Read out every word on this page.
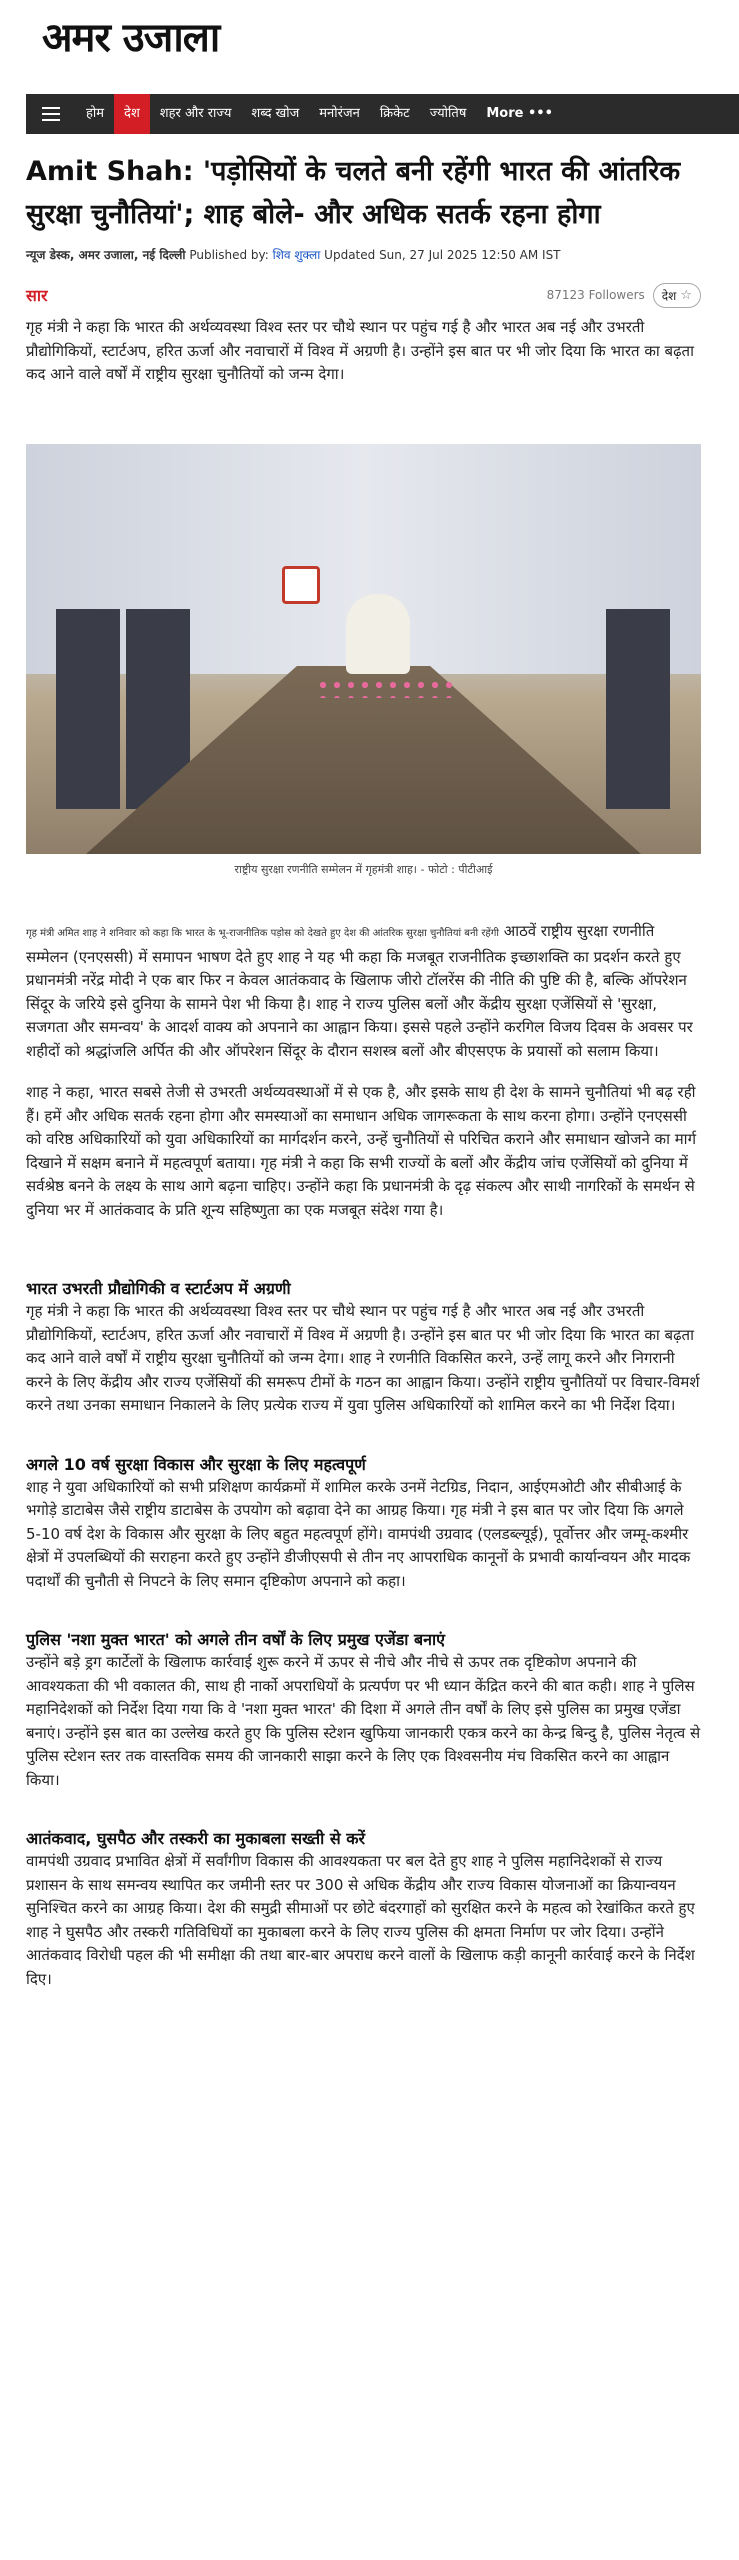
अमर उजाला
होम	देश	शहर और राज्य	शब्द खोज	मनोरंजन	क्रिकेट	ज्योतिष	More •••
Amit Shah: 'पड़ोसियों के चलते बनी रहेंगी भारत की आंतरिक सुरक्षा चुनौतियां'; शाह बोले- और अधिक सतर्क रहना होगा
न्यूज डेस्क, अमर उजाला, नई दिल्ली Published by: शिव शुक्ला Updated Sun, 27 Jul 2025 12:50 AM IST
सार	87123 Followers देश ☆

गृह मंत्री ने कहा कि भारत की अर्थव्यवस्था विश्व स्तर पर चौथे स्थान पर पहुंच गई है और भारत अब नई और उभरती प्रौद्योगिकियों, स्टार्टअप, हरित ऊर्जा और नवाचारों में विश्व में अग्रणी है। उन्होंने इस बात पर भी जोर दिया कि भारत का बढ़ता कद आने वाले वर्षों में राष्ट्रीय सुरक्षा चुनौतियों को जन्म देगा।

राष्ट्रीय सुरक्षा रणनीति सम्मेलन में गृहमंत्री शाह। - फोटो : पीटीआई

गृह मंत्री अमित शाह ने शनिवार को कहा कि भारत के भू-राजनीतिक पड़ोस को देखते हुए देश की आंतरिक सुरक्षा चुनौतियां बनी रहेंगी आठवें राष्ट्रीय सुरक्षा रणनीति सम्मेलन (एनएससी) में समापन भाषण देते हुए शाह ने यह भी कहा कि मजबूत राजनीतिक इच्छाशक्ति का प्रदर्शन करते हुए प्रधानमंत्री नरेंद्र मोदी ने एक बार फिर न केवल आतंकवाद के खिलाफ जीरो टॉलरेंस की नीति की पुष्टि की है, बल्कि ऑपरेशन सिंदूर के जरिये इसे दुनिया के सामने पेश भी किया है। शाह ने राज्य पुलिस बलों और केंद्रीय सुरक्षा एजेंसियों से 'सुरक्षा, सजगता और समन्वय' के आदर्श वाक्य को अपनाने का आह्वान किया। इससे पहले उन्होंने करगिल विजय दिवस के अवसर पर शहीदों को श्रद्धांजलि अर्पित की और ऑपरेशन सिंदूर के दौरान सशस्त्र बलों और बीएसएफ के प्रयासों को सलाम किया।

शाह ने कहा, भारत सबसे तेजी से उभरती अर्थव्यवस्थाओं में से एक है, और इसके साथ ही देश के सामने चुनौतियां भी बढ़ रही हैं। हमें और अधिक सतर्क रहना होगा और समस्याओं का समाधान अधिक जागरूकता के साथ करना होगा। उन्होंने एनएससी को वरिष्ठ अधिकारियों को युवा अधिकारियों का मार्गदर्शन करने, उन्हें चुनौतियों से परिचित कराने और समाधान खोजने का मार्ग दिखाने में सक्षम बनाने में महत्वपूर्ण बताया। गृह मंत्री ने कहा कि सभी राज्यों के बलों और केंद्रीय जांच एजेंसियों को दुनिया में सर्वश्रेष्ठ बनने के लक्ष्य के साथ आगे बढ़ना चाहिए। उन्होंने कहा कि प्रधानमंत्री के दृढ़ संकल्प और साथी नागरिकों के समर्थन से दुनिया भर में आतंकवाद के प्रति शून्य सहिष्णुता का एक मजबूत संदेश गया है।

भारत उभरती प्रौद्योगिकी व स्टार्टअप में अग्रणी

गृह मंत्री ने कहा कि भारत की अर्थव्यवस्था विश्व स्तर पर चौथे स्थान पर पहुंच गई है और भारत अब नई और उभरती प्रौद्योगिकियों, स्टार्टअप, हरित ऊर्जा और नवाचारों में विश्व में अग्रणी है। उन्होंने इस बात पर भी जोर दिया कि भारत का बढ़ता कद आने वाले वर्षों में राष्ट्रीय सुरक्षा चुनौतियों को जन्म देगा। शाह ने रणनीति विकसित करने, उन्हें लागू करने और निगरानी करने के लिए केंद्रीय और राज्य एजेंसियों की समरूप टीमों के गठन का आह्वान किया। उन्होंने राष्ट्रीय चुनौतियों पर विचार-विमर्श करने तथा उनका समाधान निकालने के लिए प्रत्येक राज्य में युवा पुलिस अधिकारियों को शामिल करने का भी निर्देश दिया।

अगले 10 वर्ष सुरक्षा विकास और सुरक्षा के लिए महत्वपूर्ण

शाह ने युवा अधिकारियों को सभी प्रशिक्षण कार्यक्रमों में शामिल करके उनमें नेटग्रिड, निदान, आईएमओटी और सीबीआई के भगोड़े डाटाबेस जैसे राष्ट्रीय डाटाबेस के उपयोग को बढ़ावा देने का आग्रह किया। गृह मंत्री ने इस बात पर जोर दिया कि अगले 5-10 वर्ष देश के विकास और सुरक्षा के लिए बहुत महत्वपूर्ण होंगे। वामपंथी उग्रवाद (एलडब्ल्यूई), पूर्वोत्तर और जम्मू-कश्मीर क्षेत्रों में उपलब्धियों की सराहना करते हुए उन्होंने डीजीएसपी से तीन नए आपराधिक कानूनों के प्रभावी कार्यान्वयन और मादक पदार्थों की चुनौती से निपटने के लिए समान दृष्टिकोण अपनाने को कहा।

पुलिस 'नशा मुक्त भारत' को अगले तीन वर्षों के लिए प्रमुख एजेंडा बनाएं

उन्होंने बड़े ड्रग कार्टेलों के खिलाफ कार्रवाई शुरू करने में ऊपर से नीचे और नीचे से ऊपर तक दृष्टिकोण अपनाने की आवश्यकता की भी वकालत की, साथ ही नार्को अपराधियों के प्रत्यर्पण पर भी ध्यान केंद्रित करने की बात कही। शाह ने पुलिस महानिदेशकों को निर्देश दिया गया कि वे 'नशा मुक्त भारत' की दिशा में अगले तीन वर्षों के लिए इसे पुलिस का प्रमुख एजेंडा बनाएं। उन्होंने इस बात का उल्लेख करते हुए कि पुलिस स्टेशन खुफिया जानकारी एकत्र करने का केन्द्र बिन्दु है, पुलिस नेतृत्व से पुलिस स्टेशन स्तर तक वास्तविक समय की जानकारी साझा करने के लिए एक विश्वसनीय मंच विकसित करने का आह्वान किया।

आतंकवाद, घुसपैठ और तस्करी का मुकाबला सख्ती से करें

वामपंथी उग्रवाद प्रभावित क्षेत्रों में सर्वांगीण विकास की आवश्यकता पर बल देते हुए शाह ने पुलिस महानिदेशकों से राज्य प्रशासन के साथ समन्वय स्थापित कर जमीनी स्तर पर 300 से अधिक केंद्रीय और राज्य विकास योजनाओं का क्रियान्वयन सुनिश्चित करने का आग्रह किया। देश की समुद्री सीमाओं पर छोटे बंदरगाहों को सुरक्षित करने के महत्व को रेखांकित करते हुए शाह ने घुसपैठ और तस्करी गतिविधियों का मुकाबला करने के लिए राज्य पुलिस की क्षमता निर्माण पर जोर दिया। उन्होंने आतंकवाद विरोधी पहल की भी समीक्षा की तथा बार-बार अपराध करने वालों के खिलाफ कड़ी कानूनी कार्रवाई करने के निर्देश दिए।
